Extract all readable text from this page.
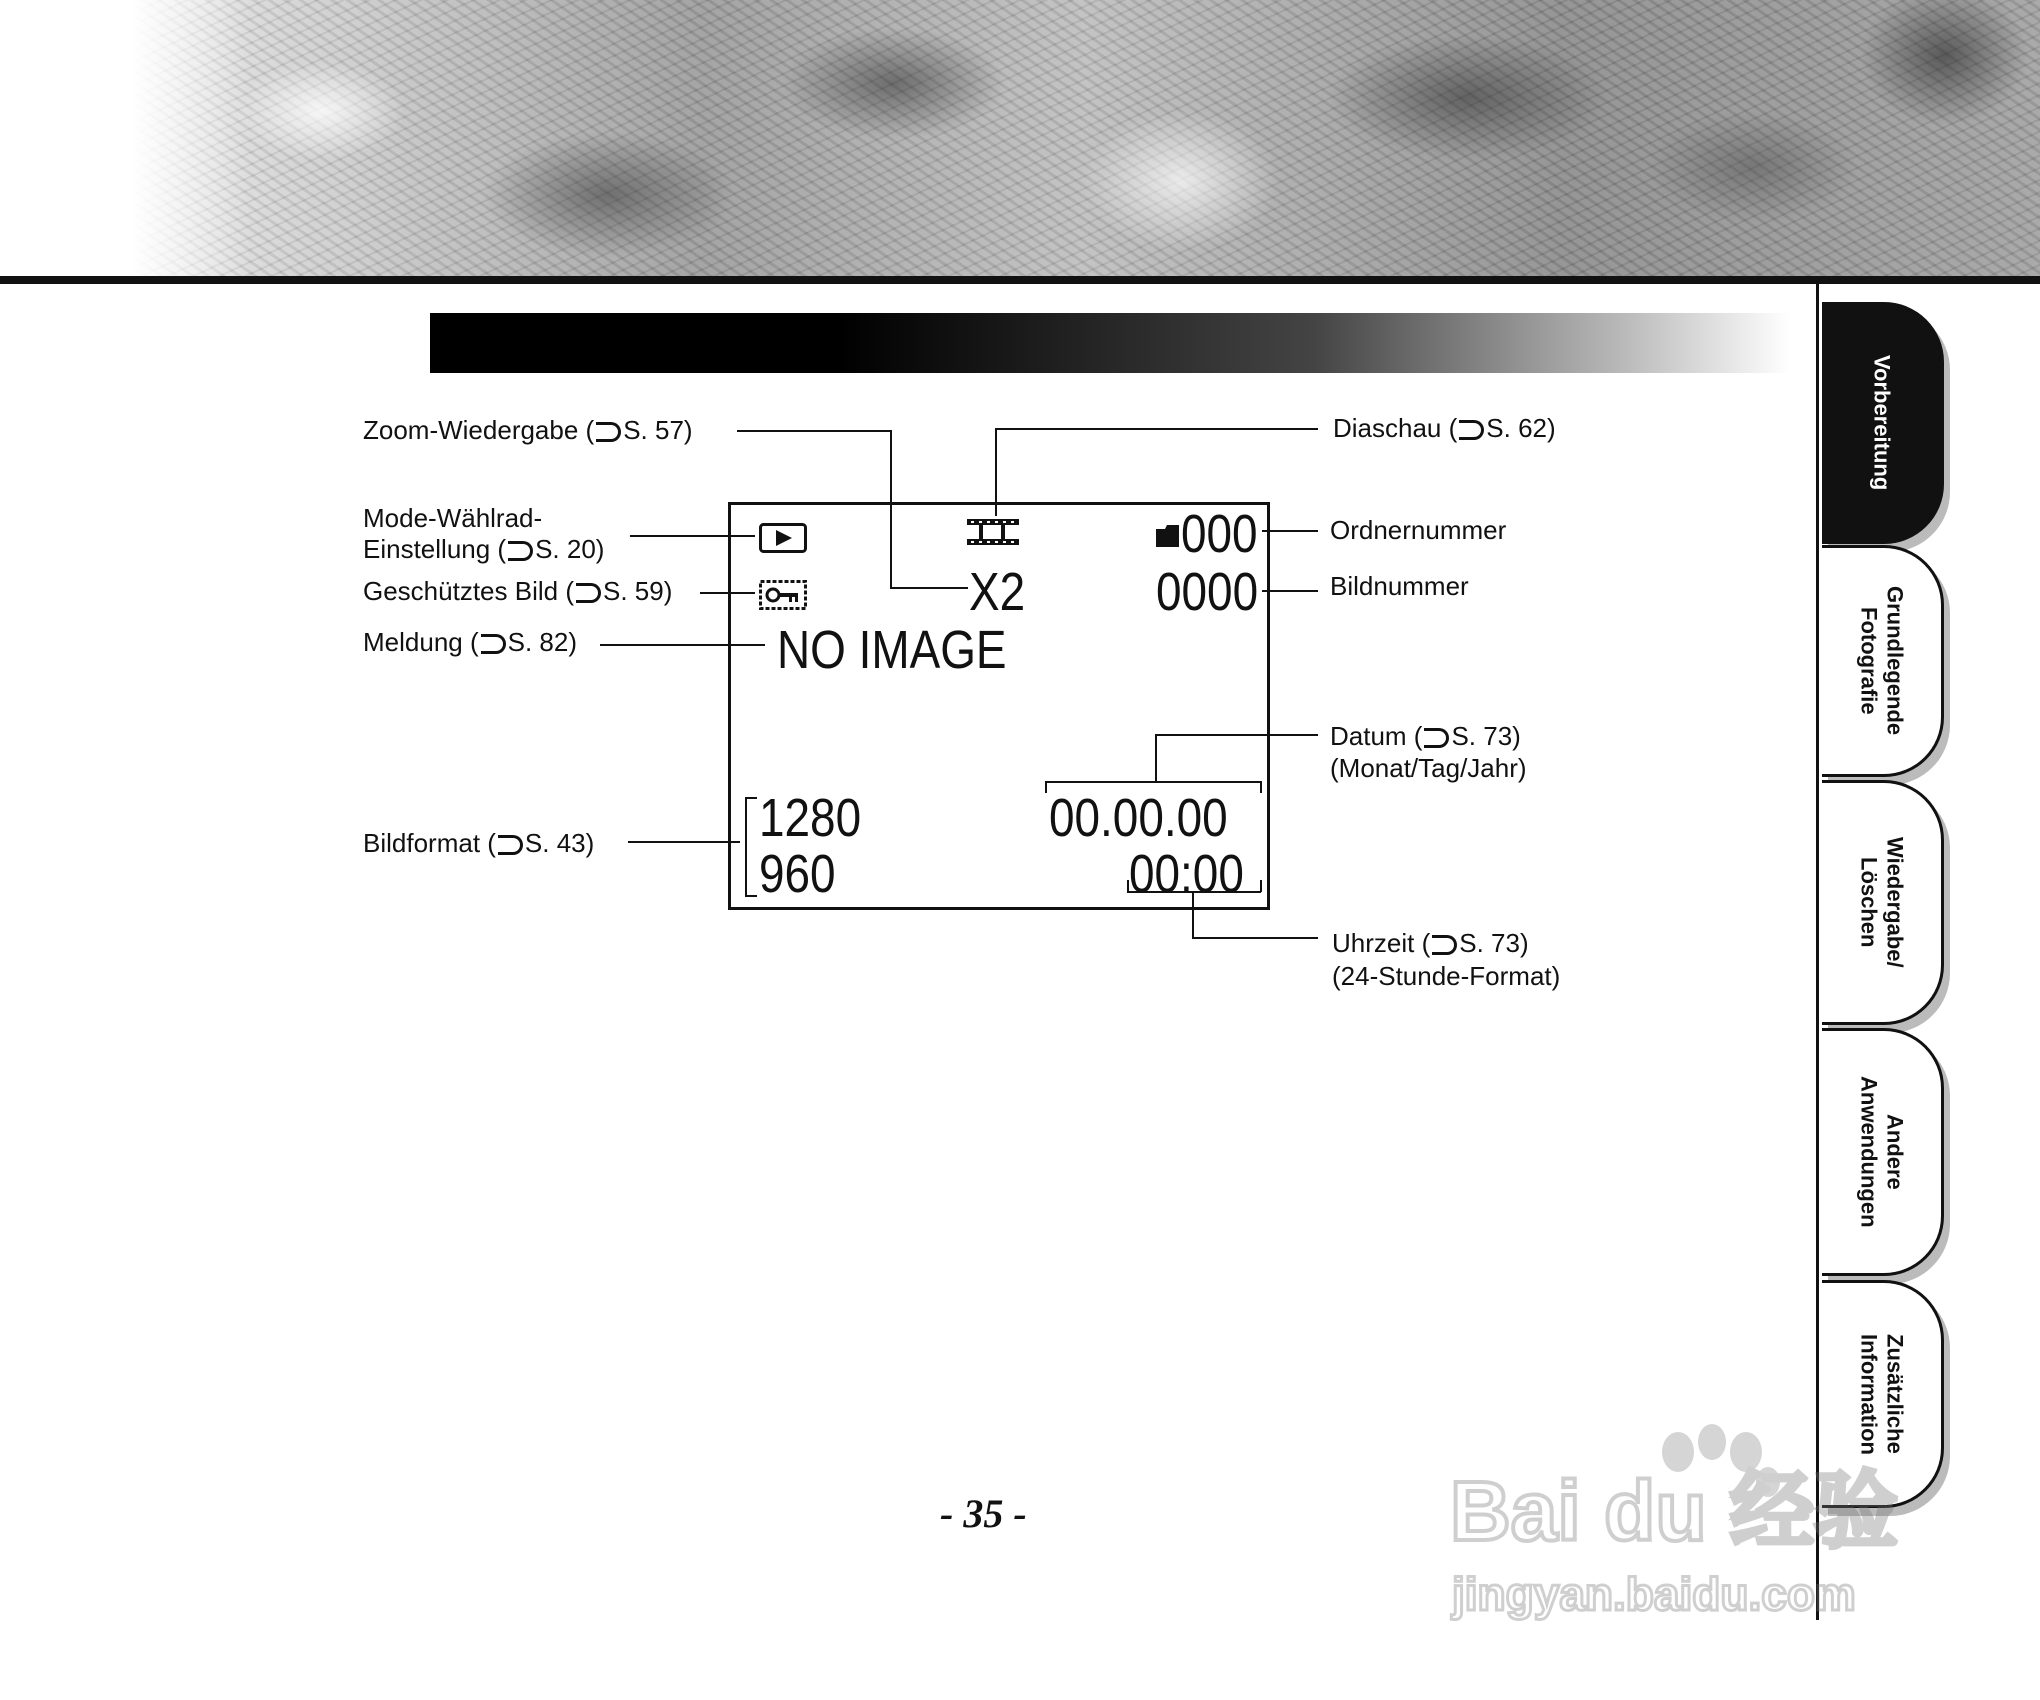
Zoom-Wiedergabe ( S. 57)
Mode-Wählrad-
Einstellung ( S. 20)
Geschütztes Bild ( S. 59)
Meldung ( S. 82)
Bildformat ( S. 43)
Diaschau ( S. 62)
Ordnernummer
Bildnummer
Datum ( S. 73)
(Monat/Tag/Jahr)
Uhrzeit ( S. 73)
(24-Stunde-Format)
X2
000
0000
NO IMAGE
1280
960
00.00.00
00:00
Vorbereitung
Grundlegende
Fotografie
Wiedergabe/
Löschen
Andere
Anwendungen
Zusätzliche
Information
- 35 -	Bai du 经验
jingyan.baidu.com
